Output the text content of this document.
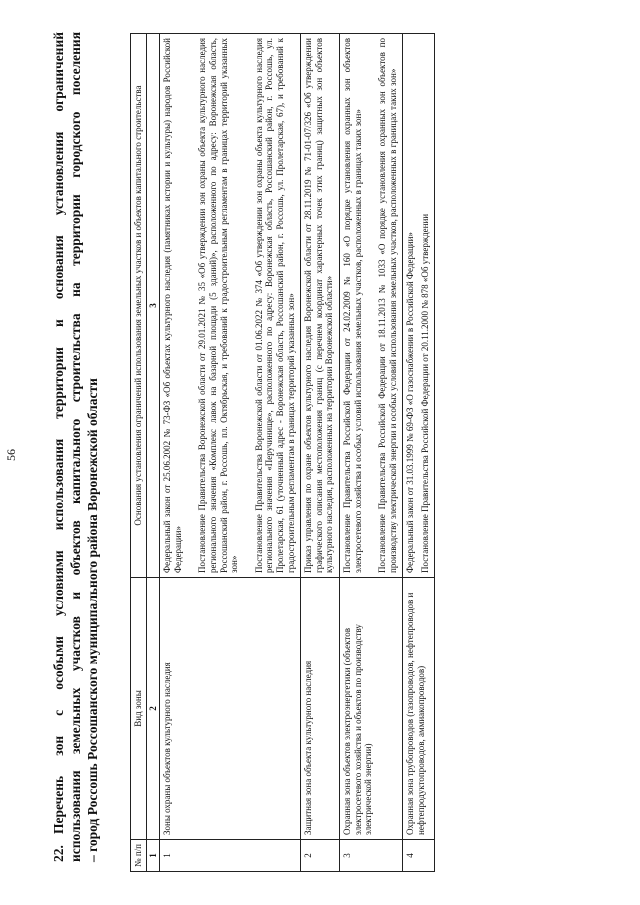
56

22.Перечень зон с особыми условиями использования территории и основания установления ограничений использования земельных участков и объектов капитального строительства на территории городского поселения – город Россошь Россошанского муниципального района Воронежской области	№ п/п	Вид зоны	Основания установления ограничений использования земельных участков и объектов капитального строительства
1	2	3
1	Зоны охраны объектов культурного наследия	Федеральный закон от 25.06.2002 № 73-ФЗ «Об объектах культурного наследия (памятниках истории и культуры) народов Российской Федерации» Постановление Правительства Воронежской области от 29.01.2021 № 35 «Об утверждении зон охраны объекта культурного наследия регионального значения «Комплекс лавок на базарной площади (5 зданий)», расположенного по адресу: Воронежская область, Россошанский район, г. Россошь, пл. Октябрьская, и требований к градостроительным регламентам в границах территорий указанных зон» Постановление Правительства Воронежской области от 01.06.2022 № 374 «Об утверждении зон охраны объекта культурного наследия регионального значения «Перучинище», расположенного по адресу: Воронежская область, Россошанский район, г. Россошь, ул. Пролетарская, 61 (уточненный адрес - Воронежская область, Россошанский район, г. Россошь, ул. Пролетарская, 67), и требований к градостроительным регламентам в границах территорий указанных зон»

2	Защитная зона объекта культурного наследия	Приказ управления по охране объектов культурного наследия Воронежской области от 28.11.2019 № 71-01-07/326 «Об утверждении графического описания местоположения границ (с перечнем координат характерных точек этих границ) защитных зон объектов культурного наследия, расположенных на территории Воронежской области»

3	Охранная зона объектов электроэнергетики (объектов электросетевого хозяйства и объектов по производству электрической энергии)	Постановление Правительства Российской Федерации от 24.02.2009 № 160 «О порядке установления охранных зон объектов электросетевого хозяйства и особых условий использования земельных участков, расположенных в границах таких зон» Постановление Правительства Российской Федерации от 18.11.2013 № 1033 «О порядке установления охранных зон объектов по производству электрической энергии и особых условий использования земельных участков, расположенных в границах таких зон»

4	Охранная зона трубопроводов (газопроводов, нефтепроводов и нефтепродуктопроводов, аммиакопроводов)	Федеральный закон от 31.03.1999 № 69-ФЗ «О газоснабжении в Российской Федерации» Постановление Правительства Российской Федерации от 20.11.2000 № 878 «Об утверждении
